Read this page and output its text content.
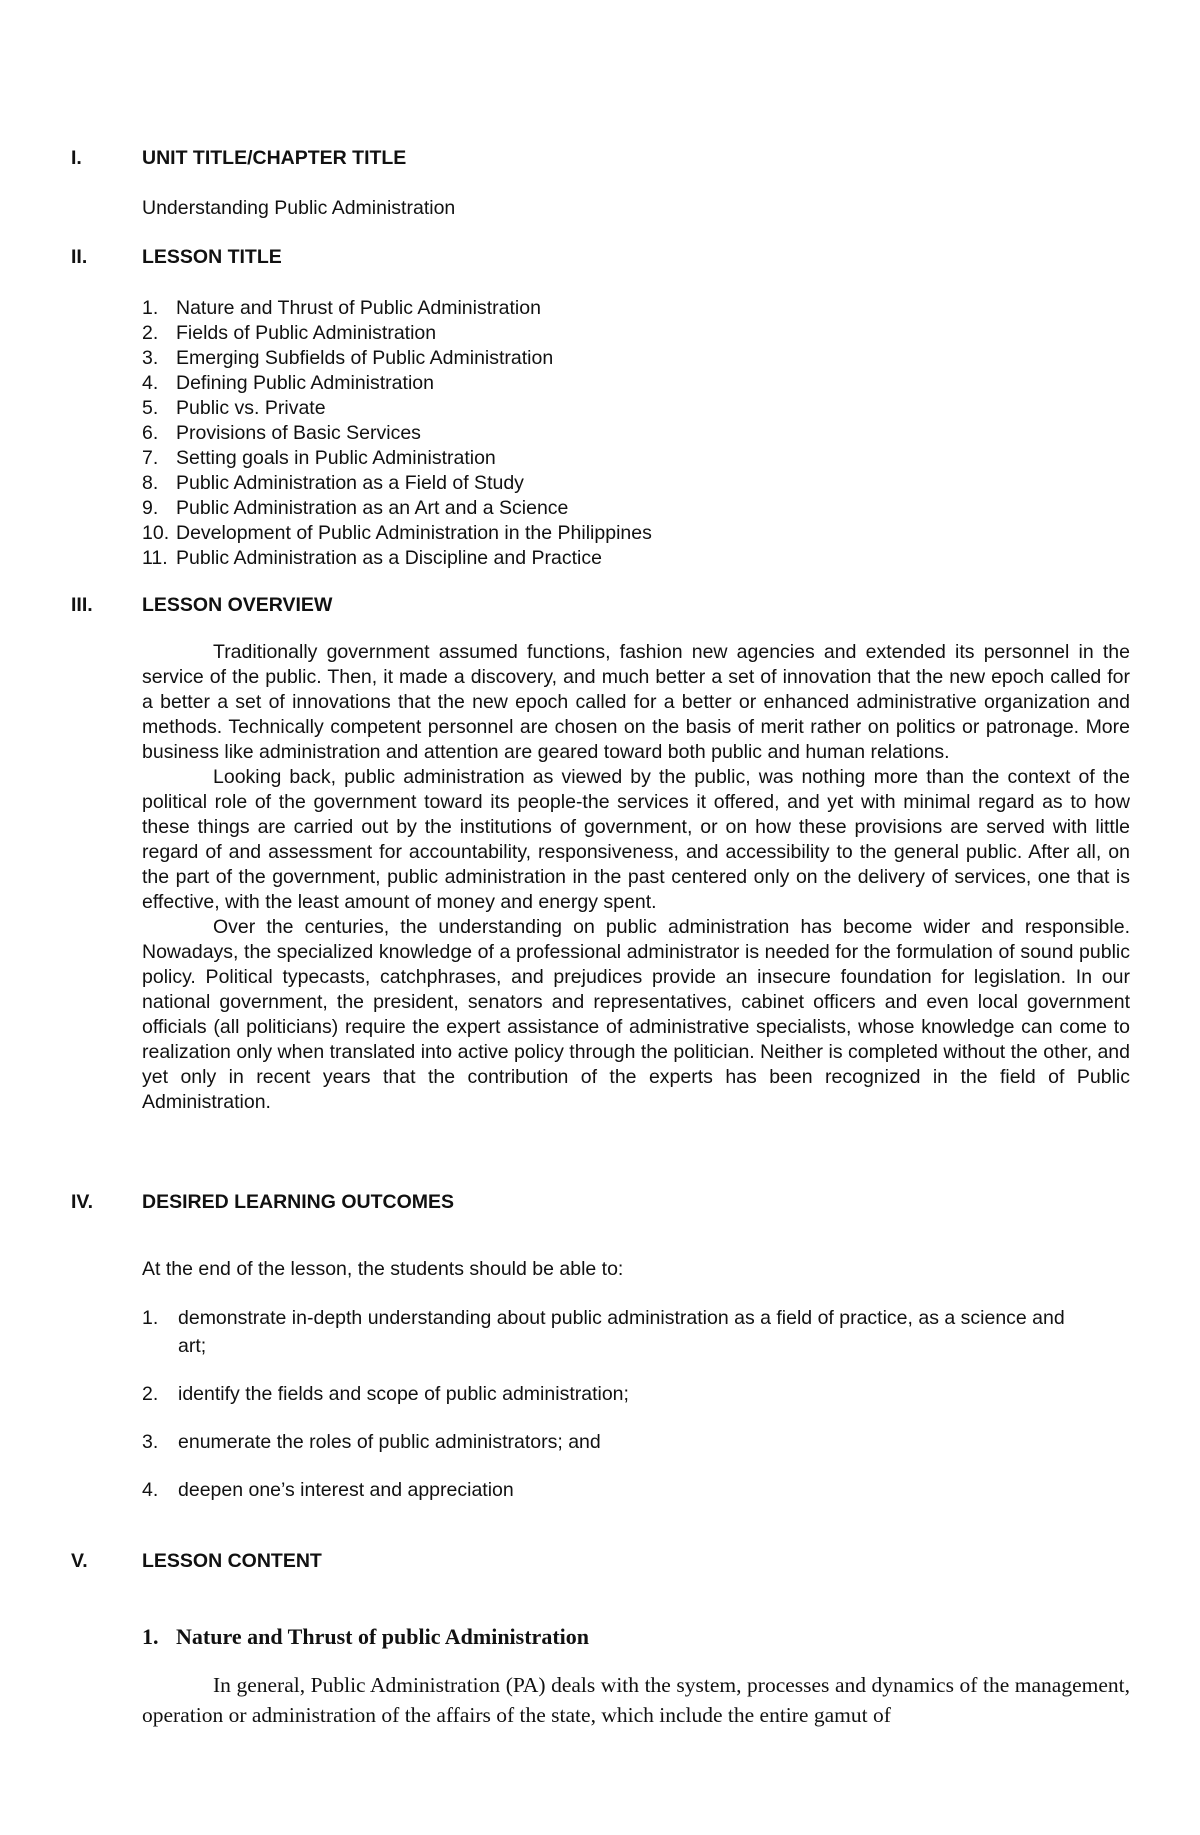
I.	UNIT TITLE/CHAPTER TITLE
Understanding Public Administration
II.	LESSON TITLE
1. Nature and Thrust of Public Administration
2. Fields of Public Administration
3. Emerging Subfields of Public Administration
4. Defining Public Administration
5. Public vs. Private
6. Provisions of Basic Services
7. Setting goals in Public Administration
8. Public Administration as a Field of Study
9. Public Administration as an Art and a Science
10. Development of Public Administration in the Philippines
11. Public Administration as a Discipline and Practice
III.	LESSON OVERVIEW

Traditionally government assumed functions, fashion new agencies and extended its personnel in the service of the public. Then, it made a discovery, and much better a set of innovation that the new epoch called for a better a set of innovations that the new epoch called for a better or enhanced administrative organization and methods. Technically competent personnel are chosen on the basis of merit rather on politics or patronage. More business like administration and attention are geared toward both public and human relations.

Looking back, public administration as viewed by the public, was nothing more than the context of the political role of the government toward its people-the services it offered, and yet with minimal regard as to how these things are carried out by the institutions of government, or on how these provisions are served with little regard of and assessment for accountability, responsiveness, and accessibility to the general public. After all, on the part of the government, public administration in the past centered only on the delivery of services, one that is effective, with the least amount of money and energy spent.

Over the centuries, the understanding on public administration has become wider and responsible. Nowadays, the specialized knowledge of a professional administrator is needed for the formulation of sound public policy. Political typecasts, catchphrases, and prejudices provide an insecure foundation for legislation. In our national government, the president, senators and representatives, cabinet officers and even local government officials (all politicians) require the expert assistance of administrative specialists, whose knowledge can come to realization only when translated into active policy through the politician. Neither is completed without the other, and yet only in recent years that the contribution of the experts has been recognized in the field of Public Administration.

IV.	DESIRED LEARNING OUTCOMES
At the end of the lesson, the students should be able to:
1. demonstrate in-depth understanding about public administration as a field of practice, as a science and art;
2. identify the fields and scope of public administration;
3. enumerate the roles of public administrators; and
4. deepen one’s interest and appreciation
V.	LESSON CONTENT
1. Nature and Thrust of public Administration

In general, Public Administration (PA) deals with the system, processes and dynamics of the management, operation or administration of the affairs of the state, which include the entire gamut of
